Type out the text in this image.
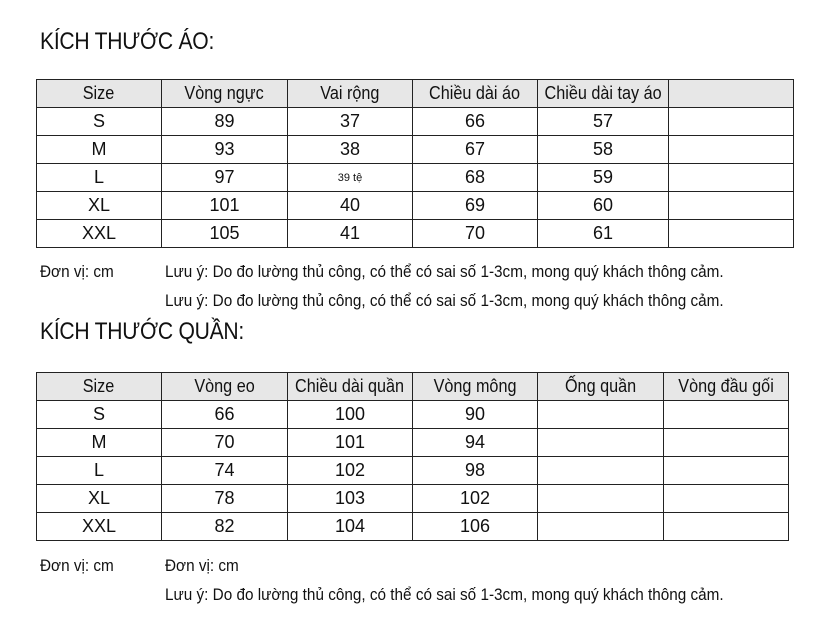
KÍCH THƯỚC ÁO:
Size	Vòng ngực	Vai rộng	Chiều dài áo	Chiều dài tay áo	
S	89	37	66	57	
M	93	38	67	58	
L	97	39 tệ	68	59	
XL	101	40	69	60	
XXL	105	41	70	61	
Đơn vị: cm	Lưu ý: Do đo lường thủ công, có thể có sai số 1-3cm, mong quý khách thông cảm.
Lưu ý: Do đo lường thủ công, có thể có sai số 1-3cm, mong quý khách thông cảm.
KÍCH THƯỚC QUẦN:
Size	Vòng eo	Chiều dài quần	Vòng mông	Ống quần	Vòng đầu gối
S	66	100	90		
M	70	101	94		
L	74	102	98		
XL	78	103	102		
XXL	82	104	106		
Đơn vị: cm	Đơn vị: cm
Lưu ý: Do đo lường thủ công, có thể có sai số 1-3cm, mong quý khách thông cảm.
